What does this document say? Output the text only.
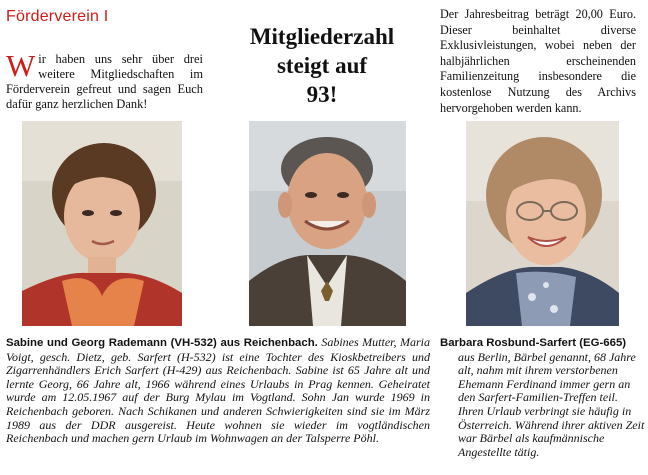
Förderverein I
Wir haben uns sehr über drei weitere Mitgliedschaften im Förderverein gefreut und sagen Euch dafür ganz herzlichen Dank!
Mitgliederzahl
steigt auf
93!
Der Jahresbeitrag beträgt 20,00 Euro. Dieser beinhaltet diverse Exklusivleistungen, wobei neben der halbjährlichen erscheinenden Familienzeitung insbesondere die kostenlose Nutzung des Archivs hervorgehoben werden kann.
Sabine und Georg Rademann (VH-532) aus Reichenbach. Sabines Mutter, Maria Voigt, gesch. Dietz, geb. Sarfert (H-532) ist eine Tochter des Kioskbetreibers und Zigarrenhändlers Erich Sarfert (H-429) aus Reichenbach. Sabine ist 65 Jahre alt und lernte Georg, 66 Jahre alt, 1966 während eines Urlaubs in Prag kennen. Geheiratet wurde am 12.05.1967 auf der Burg Mylau im Vogtland. Sohn Jan wurde 1969 in Reichenbach geboren. Nach Schikanen und anderen Schwierigkeiten sind sie im März 1989 aus der DDR ausgereist. Heute wohnen sie wieder im vogtländischen Reichenbach und machen gern Urlaub im Wohnwagen an der Talsperre Pöhl.
Barbara Rosbund-Sarfert (EG-665)
aus Berlin, Bärbel genannt, 68 Jahre alt, nahm mit ihrem verstorbenen Ehemann Ferdinand immer gern an den Sarfert-Familien-Treffen teil. Ihren Urlaub verbringt sie häufig in Österreich. Während ihrer aktiven Zeit war Bärbel als kaufmännische Angestellte tätig.
